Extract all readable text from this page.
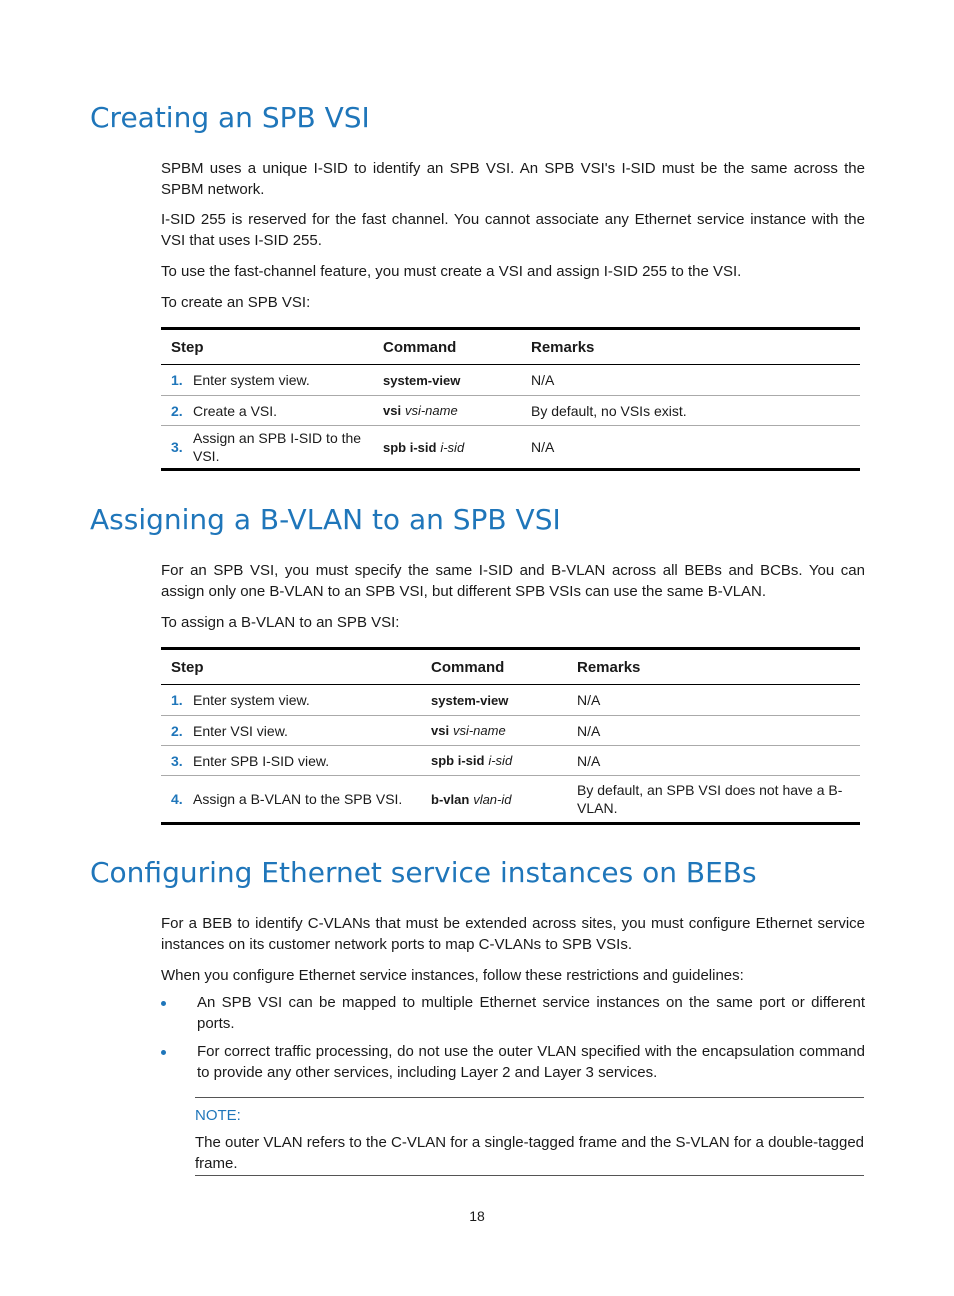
Creating an SPB VSI

SPBM uses a unique I-SID to identify an SPB VSI. An SPB VSI's I-SID must be the same across the SPBM network.

I-SID 255 is reserved for the fast channel. You cannot associate any Ethernet service instance with the VSI that uses I-SID 255.

To use the fast-channel feature, you must create a VSI and assign I-SID 255 to the VSI.

To create an SPB VSI:

Step		Command	Remarks
1.	Enter system view.	system-view	N/A
2.	Create a VSI.	vsi vsi-name	By default, no VSIs exist.
3.	Assign an SPB I-SID to the VSI.	spb i-sid i-sid	N/A
Assigning a B-VLAN to an SPB VSI

For an SPB VSI, you must specify the same I-SID and B-VLAN across all BEBs and BCBs. You can assign only one B-VLAN to an SPB VSI, but different SPB VSIs can use the same B-VLAN.

To assign a B-VLAN to an SPB VSI:

Step		Command	Remarks
1.	Enter system view.	system-view	N/A
2.	Enter VSI view.	vsi vsi-name	N/A
3.	Enter SPB I-SID view.	spb i-sid i-sid	N/A
4.	Assign a B-VLAN to the SPB VSI.	b-vlan vlan-id	By default, an SPB VSI does not have a B-VLAN.
Configuring Ethernet service instances on BEBs

For a BEB to identify C-VLANs that must be extended across sites, you must configure Ethernet service instances on its customer network ports to map C-VLANs to SPB VSIs.

When you configure Ethernet service instances, follow these restrictions and guidelines:

An SPB VSI can be mapped to multiple Ethernet service instances on the same port or different ports.
For correct traffic processing, do not use the outer VLAN specified with the encapsulation command to provide any other services, including Layer 2 and Layer 3 services.
NOTE:
The outer VLAN refers to the C-VLAN for a single-tagged frame and the S-VLAN for a double-tagged frame.
18
